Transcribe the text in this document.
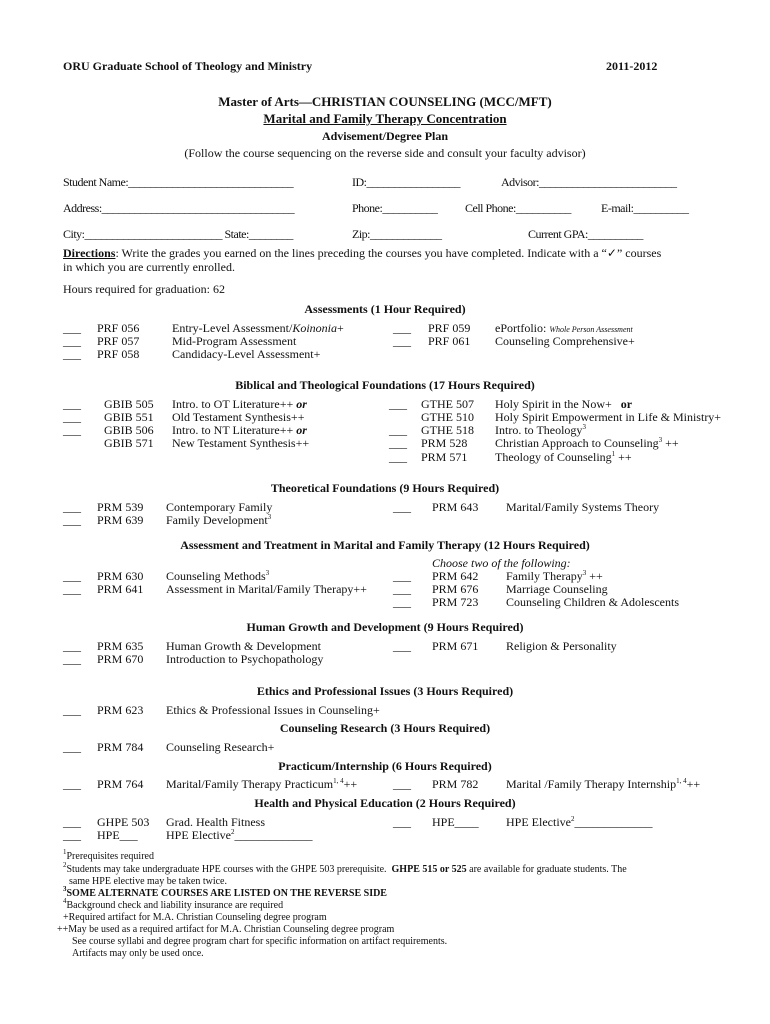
ORU Graduate School of Theology and Ministry	2011-2012
Master of Arts—CHRISTIAN COUNSELING (MCC/MFT)
Marital and Family Therapy Concentration
Advisement/Degree Plan
(Follow the course sequencing on the reverse side and consult your faculty advisor)
Student Name:______________________________	ID:_________________	Advisor:_________________________
Address:___________________________________	Phone:__________ Cell Phone:__________	E-mail:__________
City:_________________________ State:________	Zip:_____________	Current GPA:__________
Directions: Write the grades you earned on the lines preceding the courses you have completed. Indicate with a “✓” courses
in which you are currently enrolled.
Hours required for graduation: 62
Assessments (1 Hour Required)
___ PRF 056	Entry-Level Assessment/Koinonia+
___ PRF 057	Mid-Program Assessment
___ PRF 058	Candidacy-Level Assessment+
___ PRF 059 ePortfolio: Whole Person Assessment
___ PRF 061 Counseling Comprehensive+
Biblical and Theological Foundations (17 Hours Required)
___ GBIB 505 Intro. to OT Literature++ or
___ GBIB 551 Old Testament Synthesis++
___ GBIB 506 Intro. to NT Literature++ or
GBIB 571 New Testament Synthesis++
___ GTHE 507 Holy Spirit in the Now+   or
GTHE 510 Holy Spirit Empowerment in Life & Ministry+
___ GTHE 518 Intro. to Theology$^3$
___ PRM 528 Christian Approach to Counseling$^3$ ++
___ PRM 571 Theology of Counseling$^1$ ++
Theoretical Foundations (9 Hours Required)
___ PRM 539 Contemporary Family
___ PRM 639 Family Development$^3$
___ PRM 643 Marital/Family Systems Theory
Assessment and Treatment in Marital and Family Therapy (12 Hours Required)
Choose two of the following:
___ PRM 630 Counseling Methods$^3$
___ PRM 641 Assessment in Marital/Family Therapy++
___ PRM 642 Family Therapy$^3$ ++
___ PRM 676 Marriage Counseling
___ PRM 723 Counseling Children & Adolescents
Human Growth and Development (9 Hours Required)
___ PRM 635 Human Growth & Development
___ PRM 670 Introduction to Psychopathology
___ PRM 671 Religion & Personality
Ethics and Professional Issues (3 Hours Required)
___ PRM 623 Ethics & Professional Issues in Counseling+
Counseling Research (3 Hours Required)
___ PRM 784 Counseling Research+
Practicum/Internship (6 Hours Required)
___ PRM 764 Marital/Family Therapy Practicum$^{1, 4}$++	___ PRM 782 Marital /Family Therapy Internship$^{1, 4}$++
Health and Physical Education (2 Hours Required)
___ GHPE 503 Grad. Health Fitness
___ HPE___ HPE Elective$^2$_____________
___ HPE____ HPE Elective$^2$_____________
$^1$Prerequisites required
$^2$Students may take undergraduate HPE courses with the GHPE 503 prerequisite.  GHPE 515 or 525 are available for graduate students. The
same HPE elective may be taken twice.
$^3$SOME ALTERNATE COURSES ARE LISTED ON THE REVERSE SIDE
$^4$Background check and liability insurance are required
+Required artifact for M.A. Christian Counseling degree program
++May be used as a required artifact for M.A. Christian Counseling degree program
See course syllabi and degree program chart for specific information on artifact requirements.
Artifacts may only be used once.
